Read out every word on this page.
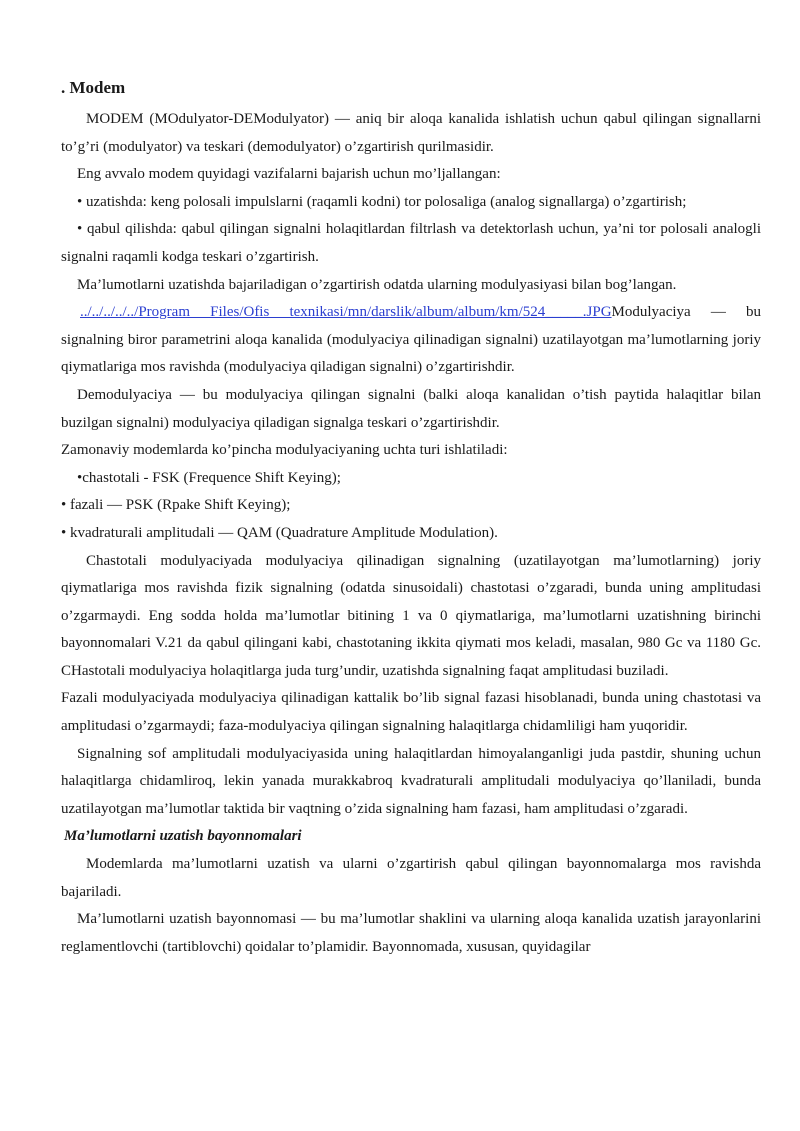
. Modem

MODEM (MOdulyator-DEModulyator) — aniq bir aloqa kanalida ishlatish uchun qabul qilingan signallarni to’g’ri (modulyator) va teskari (demodulyator) o’zgartirish qurilmasidir.

Eng avvalo modem quyidagi vazifalarni bajarish uchun mo’ljallangan:

• uzatishda: keng polosali impulslarni (raqamli kodni) tor polosaliga (analog signallarga) o’zgartirish;

• qabul qilishda: qabul qilingan signalni holaqitlardan filtrlash va detektorlash uchun, ya’ni tor polosali analogli signalni raqamli kodga teskari o’zgartirish.

Ma’lumotlarni uzatishda bajariladigan o’zgartirish odatda ularning modulyasiyasi bilan bog’langan.

../../../../../Program Files/Ofis texnikasi/mn/darslik/album/album/km/524_____.JPGModulyaciya — bu signalning biror parametrini aloqa kanalida (modulyaciya qilinadigan signalni) uzatilayotgan ma’lumotlarning joriy qiymatlariga mos ravishda (modulyaciya qiladigan signalni) o’zgartirishdir.

Demodulyaciya — bu modulyaciya qilingan signalni (balki aloqa kanalidan o’tish paytida halaqitlar bilan buzilgan signalni) modulyaciya qiladigan signalga teskari o’zgartirishdir.

Zamonaviy modemlarda ko’pincha modulyaciyaning uchta turi ishlatiladi:

•chastotali - FSK (Frequence Shift Keying);

• fazali — PSK (Rpake Shift Keying);

• kvadraturali amplitudali — QAM (Quadrature Amplitude Modulation).

Chastotali modulyaciyada modulyaciya qilinadigan signalning (uzatilayotgan ma’lumotlarning) joriy qiymatlariga mos ravishda fizik signalning (odatda sinusoidali) chastotasi o’zgaradi, bunda uning amplitudasi o’zgarmaydi. Eng sodda holda ma’lumotlar bitining 1 va 0 qiymatlariga, ma’lumotlarni uzatishning birinchi bayonnomalari V.21 da qabul qilingani kabi, chastotaning ikkita qiymati mos keladi, masalan, 980 Gc va 1180 Gc. CHastotali modulyaciya holaqitlarga juda turg’undir, uzatishda signalning faqat amplitudasi buziladi.

Fazali modulyaciyada modulyaciya qilinadigan kattalik bo’lib signal fazasi hisoblanadi, bunda uning chastotasi va amplitudasi o’zgarmaydi; faza-modulyaciya qilingan signalning halaqitlarga chidamliligi ham yuqoridir.

Signalning sof amplitudali modulyaciyasida uning halaqitlardan himoyalanganligi juda pastdir, shuning uchun halaqitlarga chidamliroq, lekin yanada murakkabroq kvadraturali amplitudali modulyaciya qo’llaniladi, bunda uzatilayotgan ma’lumotlar taktida bir vaqtning o’zida signalning ham fazasi, ham amplitudasi o’zgaradi.

Ma’lumotlarni uzatish bayonnomalari

Modemlarda ma’lumotlarni uzatish va ularni o’zgartirish qabul qilingan bayonnomalarga mos ravishda bajariladi.

Ma’lumotlarni uzatish bayonnomasi — bu ma’lumotlar shaklini va ularning aloqa kanalida uzatish jarayonlarini reglamentlovchi (tartiblovchi) qoidalar to’plamidir. Bayonnomada, xususan, quyidagilar
